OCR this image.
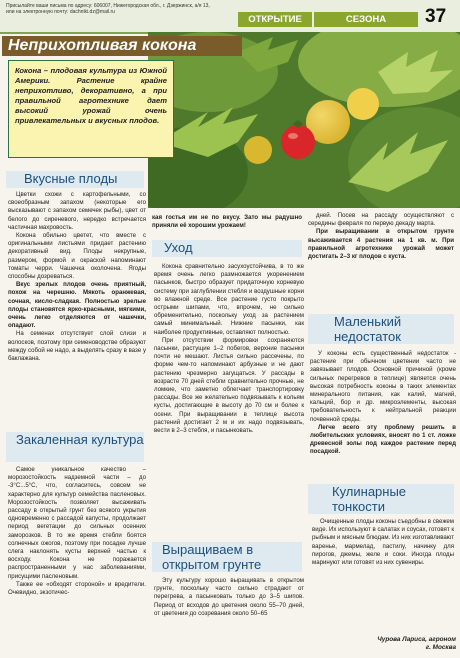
Присылайте ваши письма по адресу: 606007, Нижегородская обл., г. Дзержинск, а/я 13, или на электронную почту: dachniki.dz@mail.ru
ОТКРЫТИЕ	СЕЗОНА	37
Неприхотливая кокона
Кокона – плодовая культура из Южной Америки. Растение крайне неприхотливо, декоративно, а при правильной агротехнике дает высокий урожай очень привлекательных и вкусных плодов.
Вкусные плоды

Цветки схожи с картофельными, со своеобразным запахом (некоторые его высказывают с запахом семечек рыбы), цвет от белого до сиреневого, нередко встречается частичная махровость.

Кокона обильно цветет, что вместе с оригинальными листьями придает растению декоративный вид. Плоды некрупные, размером, формой и окраской напоминают томаты черри. Чашечка околочена. Ягоды способны дозреваться.

Вкус зрелых плодов очень приятный, похож на черешню. Мякоть оранжевая, сочная, кисло-сладкая. Полностью зрелые плоды становятся ярко-красными, мягкими, очень легко отделяются от чашечки, опадают.

На семенах отсутствует слой слизи и волосков, поэтому при семеноводстве образуют между собой не надо, а выделять сразу в вазе у баклажана.

Закаленная культура

Самое уникальное качество – морозостойкость надземной части – до -3°С...5°С, что, согласитесь, совсем не характерно для культур семейства пасленовых. Морозостойкость позволяет высаживать рассаду в открытый грунт без всякого укрытия одновременно с рассадой капусты, продолжает период вегетации до сильных осенних заморозков. В то же время стебли боятся солнечных ожогов, поэтому при посадке лучше слега наклонять кусты верхней частью к восходу. Кокона не поражается распространенными у нас заболеваниями, присущими пасленовым.

Также ее «обходят стороной» и вредители. Очевидно, экзотичес-

кая гостья им не по вкусу. Зато мы радушно приняли её хорошим урожаем!
Уход

Кокона сравнительно засухоустойчива, в то же время очень легко размножается укоренением пасынков, быстро образует придаточную корневую систему при заглублении стебля и воздушные корни во влажной среде. Все растение густо покрыто острыми шипами, что, впрочем, не сильно обременительно, поскольку уход за растением самый минимальный. Нижние пасынки, как наиболее продуктивные, оставляют полностью.

При отсутствии формировки сохраняются пасынки, растущие 1–2 побегов, верхние пасынки почти не мешают. Листья сильно рассечены, по форме чем-то напоминают арбузные и не дают растению чрезмерно загущаться. У рассады в возрасте 70 дней стебли сравнительно прочные, не ломкие, что заметно облегчает транспортировку рассады. Все же желательно подвязывать к кольям кусты, достигающие в высоту до 70 см и более к осени. При выращивании в теплице высота растений достигает 2 м и их надо подвязывать, вести в 2–3 стебля, и пасынковать.

Выращиваем в открытом грунте

Эту культуру хорошо выращивать в открытом грунте, поскольку часто сильно страдают от перегрева, а пасынковать только до 3–5 шипов. Период от всходов до цветения около 55–70 дней, от цветения до созревания около 50–65

дней. Посев на рассаду осуществляют с середины февраля по первую декаду марта.

При выращивании в открытом грунте высаживается 4 растения на 1 кв. м. При правильной агротехнике урожай может достигать 2–3 кг плодов с куста.

Маленький недостаток

У коконы есть существенный недостаток - растение при обычном цветении часто не завязывает плодов. Основной причиной (кроме сильных перегревов в теплице) является очень высокая потребность коконы в таких элементах минерального питания, как калий, магний, кальций, бор и др. микроэлементы, высокая требовательность к нейтральной реакции почвенной среды.

Легче всего эту проблему решить в любительских условиях, вносят по 1 ст. ложке древесной золы под каждое растение перед посадкой.

Кулинарные тонкости

Очищенные плоды коконы съедобны в свежем виде. Их используют в салатах и соусах, готовят к рыбным и мясным блюдам. Из них изготавливают варенье, мармелад, пастилу, начинку для пирогов, джемы, желе и соки. Иногда плоды маринуют или готовят из них сувениры.

Чурова Лариса, агроном
г. Москва
